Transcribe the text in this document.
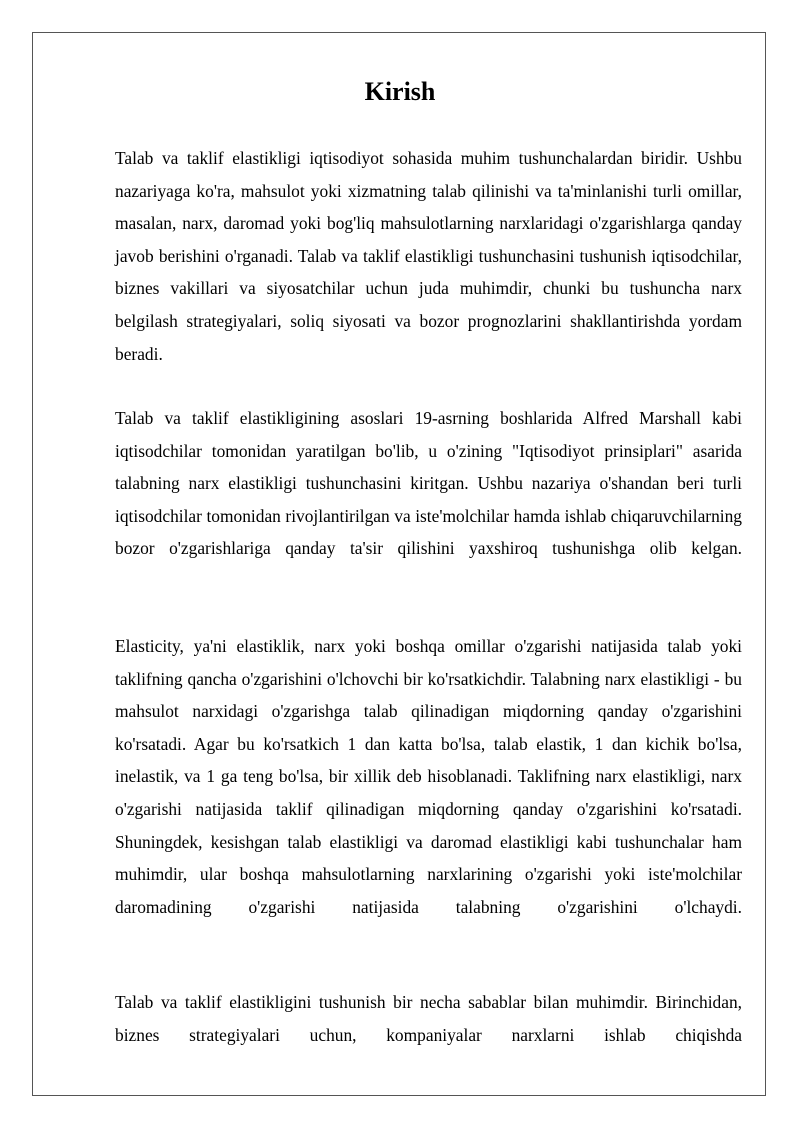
Kirish

Talab va taklif elastikligi iqtisodiyot sohasida muhim tushunchalardan biridir. Ushbu nazariyaga ko'ra, mahsulot yoki xizmatning talab qilinishi va ta'minlanishi turli omillar, masalan, narx, daromad yoki bog'liq mahsulotlarning narxlaridagi o'zgarishlarga qanday javob berishini o'rganadi. Talab va taklif elastikligi tushunchasini tushunish iqtisodchilar, biznes vakillari va siyosatchilar uchun juda muhimdir, chunki bu tushuncha narx belgilash strategiyalari, soliq siyosati va bozor prognozlarini shakllantirishda yordam beradi.

Talab va taklif elastikligining asoslari 19-asrning boshlarida Alfred Marshall kabi iqtisodchilar tomonidan yaratilgan bo'lib, u o'zining "Iqtisodiyot prinsiplari" asarida talabning narx elastikligi tushunchasini kiritgan. Ushbu nazariya o'shandan beri turli iqtisodchilar tomonidan rivojlantirilgan va iste'molchilar hamda ishlab chiqaruvchilarning bozor o'zgarishlariga qanday ta'sir qilishini yaxshiroq tushunishga olib kelgan.

Elasticity, ya'ni elastiklik, narx yoki boshqa omillar o'zgarishi natijasida talab yoki taklifning qancha o'zgarishini o'lchovchi bir ko'rsatkichdir. Talabning narx elastikligi - bu mahsulot narxidagi o'zgarishga talab qilinadigan miqdorning qanday o'zgarishini ko'rsatadi. Agar bu ko'rsatkich 1 dan katta bo'lsa, talab elastik, 1 dan kichik bo'lsa, inelastik, va 1 ga teng bo'lsa, bir xillik deb hisoblanadi. Taklifning narx elastikligi, narx o'zgarishi natijasida taklif qilinadigan miqdorning qanday o'zgarishini ko'rsatadi. Shuningdek, kesishgan talab elastikligi va daromad elastikligi kabi tushunchalar ham muhimdir, ular boshqa mahsulotlarning narxlarining o'zgarishi yoki iste'molchilar daromadining o'zgarishi natijasida talabning o'zgarishini o'lchaydi.

Talab va taklif elastikligini tushunish bir necha sabablar bilan muhimdir. Birinchidan, biznes strategiyalari uchun, kompaniyalar narxlarni ishlab chiqishda
